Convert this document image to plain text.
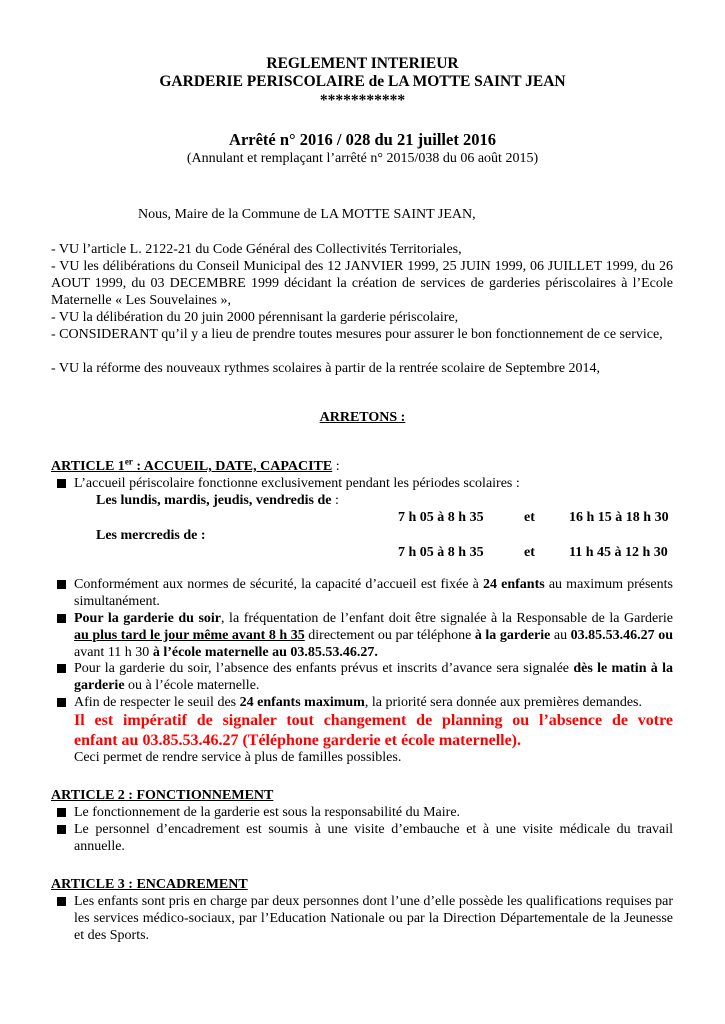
REGLEMENT INTERIEUR
GARDERIE PERISCOLAIRE de LA MOTTE SAINT JEAN
***********
Arrêté n° 2016 / 028 du 21 juillet 2016
(Annulant et remplaçant l’arrêté n° 2015/038 du 06 août 2015)
Nous, Maire de la Commune de LA MOTTE SAINT JEAN,
- VU l’article L. 2122-21 du Code Général des Collectivités Territoriales,
- VU les délibérations du Conseil Municipal des 12 JANVIER 1999, 25 JUIN 1999, 06 JUILLET 1999, du 26 AOUT 1999, du 03 DECEMBRE 1999 décidant la création de services de garderies périscolaires à l’Ecole Maternelle « Les Souvelaines »,
- VU la délibération du 20 juin 2000 pérennisant la garderie périscolaire,
- CONSIDERANT qu’il y a lieu de prendre toutes mesures pour assurer le bon fonctionnement de ce service,
- VU la réforme des nouveaux rythmes scolaires à partir de la rentrée scolaire de Septembre 2014,
ARRETONS :
ARTICLE 1er : ACCUEIL, DATE, CAPACITE :
L’accueil périscolaire fonctionne exclusivement pendant les périodes scolaires :
Les lundis, mardis, jeudis, vendredis de :
7 h 05 à 8 h 35	et 16 h 15 à 18 h 30
Les mercredis de :
7 h 05 à 8 h 35	et 11 h 45 à 12 h 30
Conformément aux normes de sécurité, la capacité d’accueil est fixée à 24 enfants au maximum présents simultanément.
Pour la garderie du soir, la fréquentation de l’enfant doit être signalée à la Responsable de la Garderie au plus tard le jour même avant 8 h 35 directement ou par téléphone à la garderie au 03.85.53.46.27 ou avant 11 h 30 à l’école maternelle au 03.85.53.46.27.
Pour la garderie du soir, l’absence des enfants prévus et inscrits d’avance sera signalée dès le matin à la garderie ou à l’école maternelle.
Afin de respecter le seuil des 24 enfants maximum, la priorité sera donnée aux premières demandes.
Il est impératif de signaler tout changement de planning ou l’absence de votre
enfant au 03.85.53.46.27 (Téléphone garderie et école maternelle).
Ceci permet de rendre service à plus de familles possibles.
ARTICLE 2 : FONCTIONNEMENT
Le fonctionnement de la garderie est sous la responsabilité du Maire.
Le personnel d’encadrement est soumis à une visite d’embauche et à une visite médicale du travail annuelle.
ARTICLE 3 : ENCADREMENT
Les enfants sont pris en charge par deux personnes dont l’une d’elle possède les qualifications requises par les services médico-sociaux, par l’Education Nationale ou par la Direction Départementale de la Jeunesse et des Sports.
